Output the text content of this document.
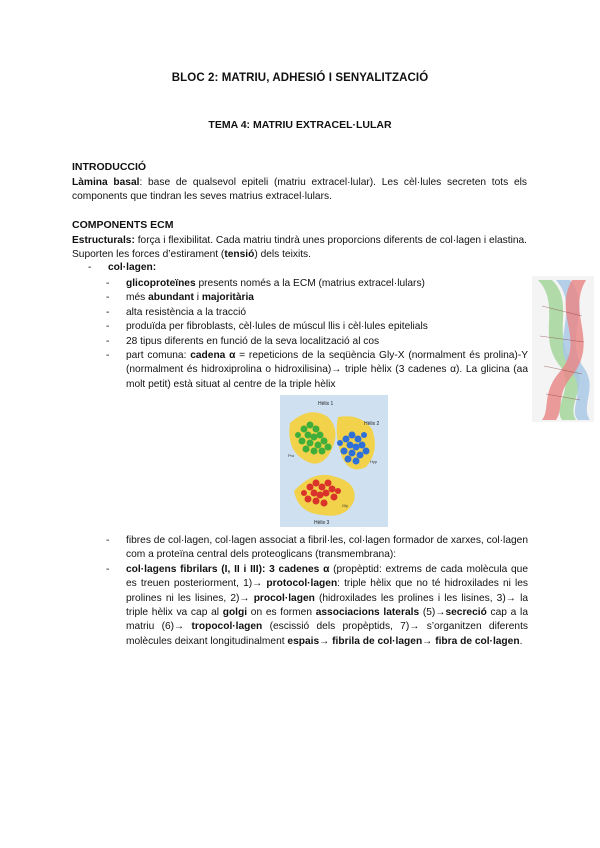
BLOC 2: MATRIU, ADHESIÓ I SENYALITZACIÓ
TEMA 4: MATRIU EXTRACEL·LULAR
INTRODUCCIÓ
Làmina basal: base de qualsevol epiteli (matriu extracel·lular). Les cèl·lules secreten tots els components que tindran les seves matrius extracel·lulars.
COMPONENTS ECM
Estructurals: força i flexibilitat. Cada matriu tindrà unes proporcions diferents de col·lagen i elastina. Suporten les forces d’estirament (tensió) dels teixits.
- col·lagen:
- glicoproteïnes presents només a la ECM (matrius extracel·lulars)
- més abundant i majoritària
- alta resistència a la tracció
- produïda per fibroblasts, cèl·lules de múscul llis i cèl·lules epitelials
- 28 tipus diferents en funció de la seva localització al cos
- part comuna: cadena α = repeticions de la seqüència Gly-X (normalment és prolina)-Y (normalment és hidroxiprolina o hidroxilisina)→ triple hèlix (3 cadenes α). La glicina (aa molt petit) està situat al centre de la triple hèlix
Hèlix 1
Hèlix 2
Hèlix 3
Pro
Hyp
Gly
- fibres de col·lagen, col·lagen associat a fibril·les, col·lagen formador de xarxes, col·lagen com a proteïna central dels proteoglicans (transmembrana):
- col·lagens fibrilars (I, II i III): 3 cadenes α (propèptid: extrems de cada molècula que es treuen posteriorment, 1)→ protocol·lagen: triple hèlix que no té hidroxilades ni les prolines ni les lisines, 2)→ procol·lagen (hidroxilades les prolines i les lisines, 3)→ la triple hèlix va cap al golgi on es formen associacions laterals (5)→secreció cap a la matriu (6)→ tropocol·lagen (escissió dels propèptids, 7)→ s’organitzen diferents molècules deixant longitudinalment espais→ fibrila de col·lagen→ fibra de col·lagen.
